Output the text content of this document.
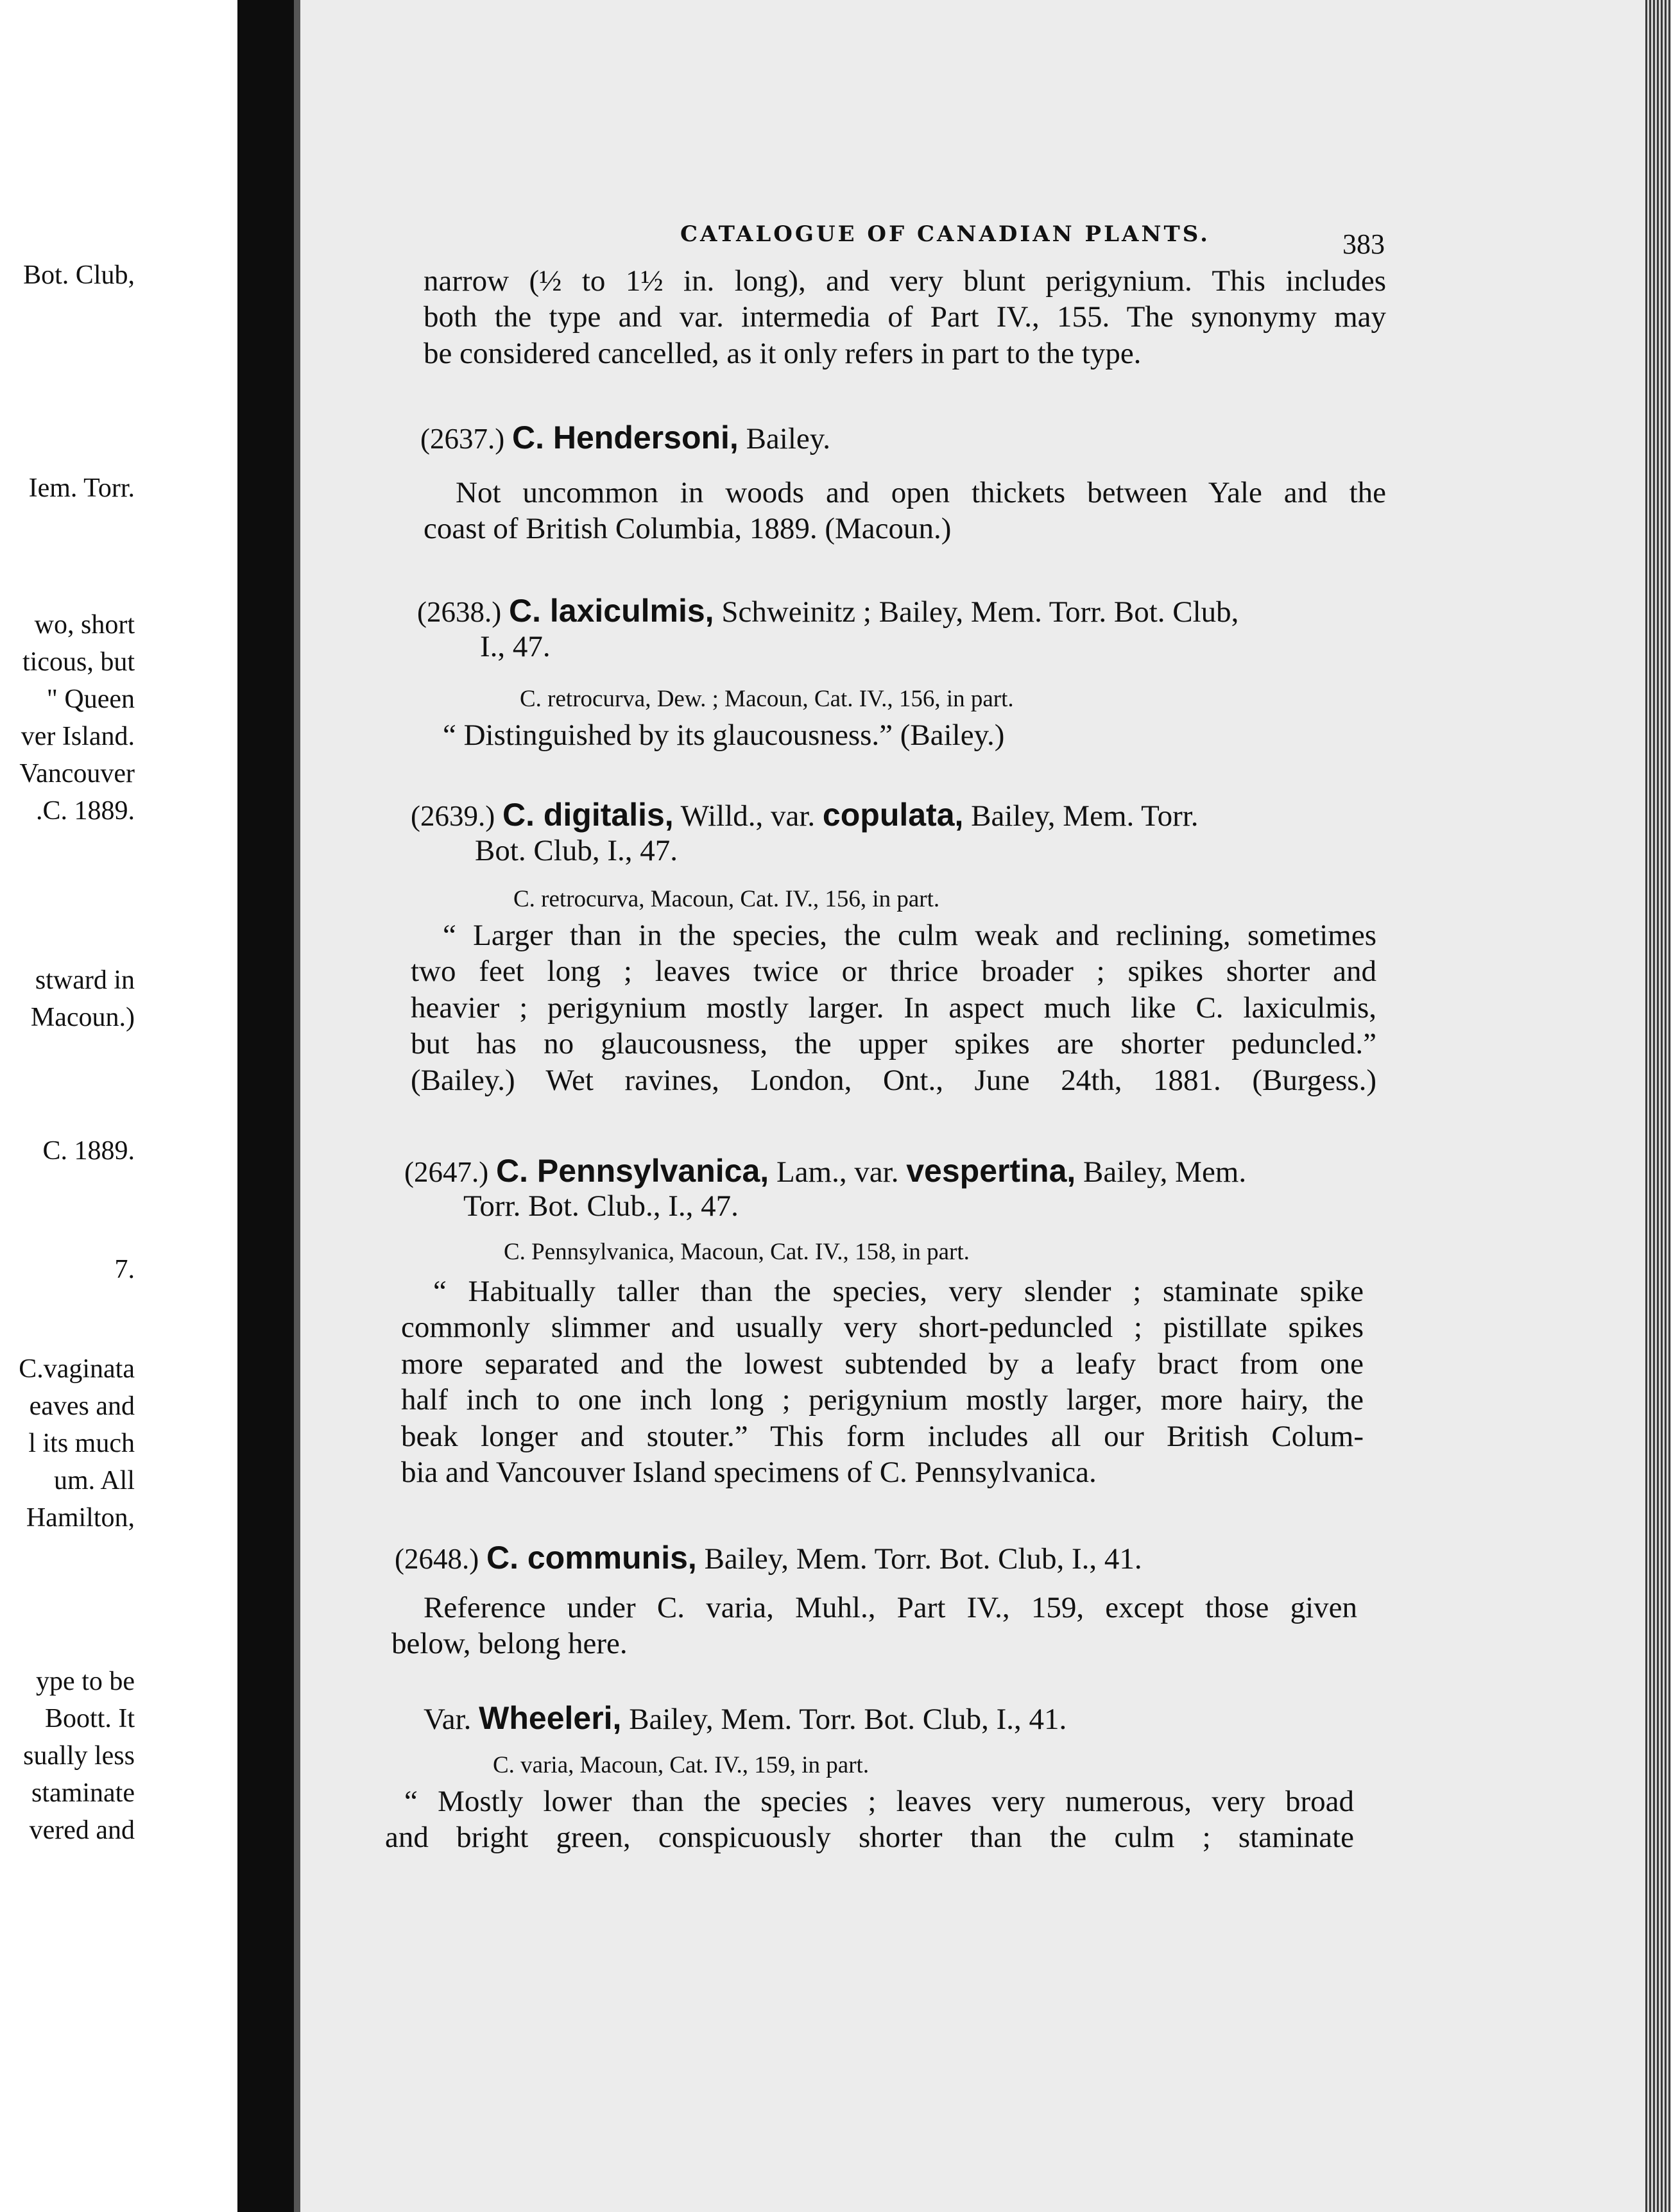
Bot. Club,
Iem. Torr.
wo, short
ticous, but
" Queen
ver Island.
Vancouver
.C. 1889.
stward in
Macoun.)
C. 1889.
7.
C.vaginata
eaves and
l its much
um. All
Hamilton,
ype to be
Boott. It
sually less
staminate
vered and
CATALOGUE OF CANADIAN PLANTS.	383
narrow (½ to 1½ in. long), and very blunt perigynium. This includes
both the type and var. intermedia of Part IV., 155. The synonymy may
be considered cancelled, as it only refers in part to the type.
(2637.) C. Hendersoni, Bailey.
Not uncommon in woods and open thickets between Yale and the
coast of British Columbia, 1889. (Macoun.)
(2638.) C. laxiculmis, Schweinitz ; Bailey, Mem. Torr. Bot. Club,
I., 47.
C. retrocurva, Dew. ; Macoun, Cat. IV., 156, in part.
“ Distinguished by its glaucousness.” (Bailey.)
(2639.) C. digitalis, Willd., var. copulata, Bailey, Mem. Torr.
Bot. Club, I., 47.
C. retrocurva, Macoun, Cat. IV., 156, in part.
“ Larger than in the species, the culm weak and reclining, sometimes
two feet long ; leaves twice or thrice broader ; spikes shorter and
heavier ; perigynium mostly larger. In aspect much like C. laxiculmis,
but has no glaucousness, the upper spikes are shorter peduncled.”
(Bailey.) Wet ravines, London, Ont., June 24th, 1881. (Burgess.)
(2647.) C. Pennsylvanica, Lam., var. vespertina, Bailey, Mem.
Torr. Bot. Club., I., 47.
C. Pennsylvanica, Macoun, Cat. IV., 158, in part.
“ Habitually taller than the species, very slender ; staminate spike
commonly slimmer and usually very short-peduncled ; pistillate spikes
more separated and the lowest subtended by a leafy bract from one
half inch to one inch long ; perigynium mostly larger, more hairy, the
beak longer and stouter.” This form includes all our British Colum-
bia and Vancouver Island specimens of C. Pennsylvanica.
(2648.) C. communis, Bailey, Mem. Torr. Bot. Club, I., 41.
Reference under C. varia, Muhl., Part IV., 159, except those given
below, belong here.
Var. Wheeleri, Bailey, Mem. Torr. Bot. Club, I., 41.
C. varia, Macoun, Cat. IV., 159, in part.
“ Mostly lower than the species ; leaves very numerous, very broad
and bright green, conspicuously shorter than the culm ; staminate
